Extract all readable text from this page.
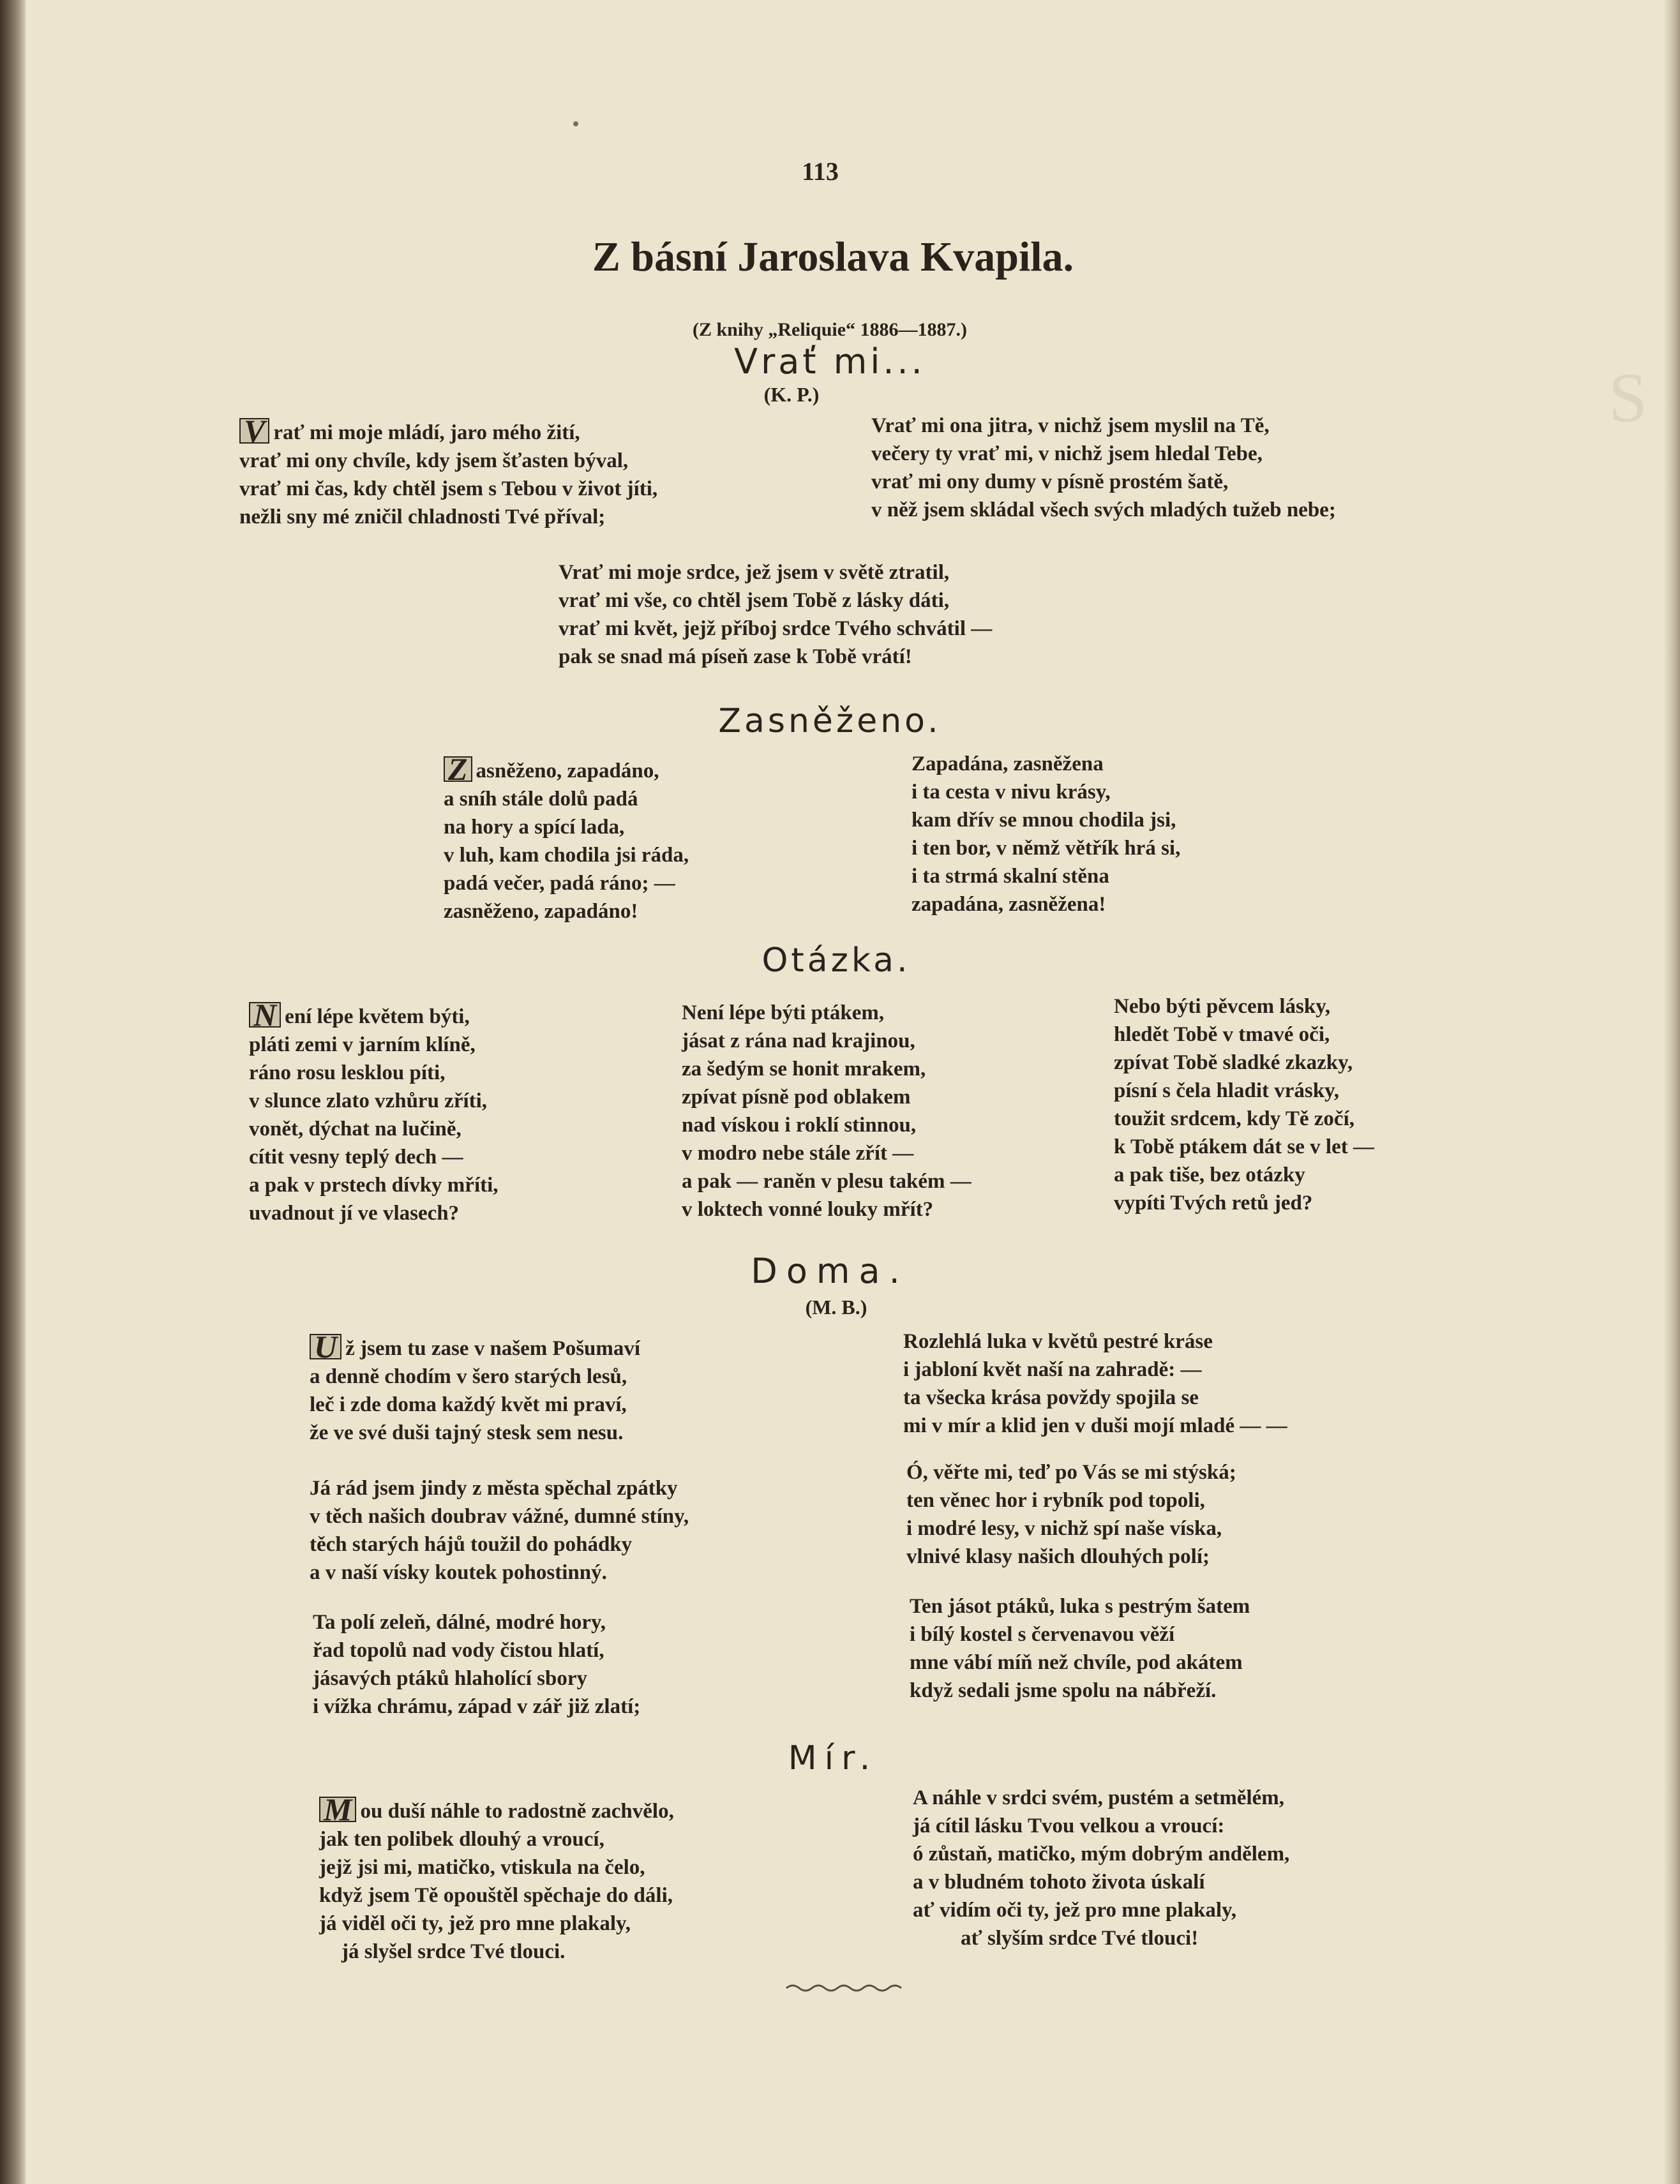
S
113
Z básní Jaroslava Kvapila.
(Z knihy „Reliquie“ 1886—1887.)
Vrať mi...
(K. P.)
V rať mi moje mládí, jaro mého žití,
vrať mi ony chvíle, kdy jsem šťasten býval,
vrať mi čas, kdy chtěl jsem s Tebou v život jíti,
nežli sny mé zničil chladnosti Tvé příval;
Vrať mi ona jitra, v nichž jsem myslil na Tě,
večery ty vrať mi, v nichž jsem hledal Tebe,
vrať mi ony dumy v písně prostém šatě,
v něž jsem skládal všech svých mladých tužeb nebe;
Vrať mi moje srdce, jež jsem v světě ztratil,
vrať mi vše, co chtěl jsem Tobě z lásky dáti,
vrať mi květ, jejž příboj srdce Tvého schvátil —
pak se snad má píseň zase k Tobě vrátí!
Zasněženo.
Z asněženo, zapadáno,
a sníh stále dolů padá
na hory a spící lada,
v luh, kam chodila jsi ráda,
padá večer, padá ráno; —
zasněženo, zapadáno!
Zapadána, zasněžena
i ta cesta v nivu krásy,
kam dřív se mnou chodila jsi,
i ten bor, v němž větřík hrá si,
i ta strmá skalní stěna
zapadána, zasněžena!
Otázka.
N ení lépe květem býti,
pláti zemi v jarním klíně,
ráno rosu lesklou píti,
v slunce zlato vzhůru zříti,
vonět, dýchat na lučině,
cítit vesny teplý dech —
a pak v prstech dívky mříti,
uvadnout jí ve vlasech?
Není lépe býti ptákem,
jásat z rána nad krajinou,
za šedým se honit mrakem,
zpívat písně pod oblakem
nad vískou i roklí stinnou,
v modro nebe stále zřít —
a pak — raněn v plesu takém —
v loktech vonné louky mřít?
Nebo býti pěvcem lásky,
hledět Tobě v tmavé oči,
zpívat Tobě sladké zkazky,
písní s čela hladit vrásky,
toužit srdcem, kdy Tě zočí,
k Tobě ptákem dát se v let —
a pak tiše, bez otázky
vypíti Tvých retů jed?
Doma.
(M. B.)
U ž jsem tu zase v našem Pošumaví
a denně chodím v šero starých lesů,
leč i zde doma každý květ mi praví,
že ve své duši tajný stesk sem nesu.
Já rád jsem jindy z města spěchal zpátky
v těch našich doubrav vážné, dumné stíny,
těch starých hájů toužil do pohádky
a v naší vísky koutek pohostinný.
Ta polí zeleň, dálné, modré hory,
řad topolů nad vody čistou hlatí,
jásavých ptáků hlaholící sbory
i vížka chrámu, západ v zář již zlatí;
Rozlehlá luka v květů pestré kráse
i jabloní květ naší na zahradě: —
ta všecka krása povždy spojila se
mi v mír a klid jen v duši mojí mladé — —
Ó, věřte mi, teď po Vás se mi stýská;
ten věnec hor i rybník pod topoli,
i modré lesy, v nichž spí naše víska,
vlnivé klasy našich dlouhých polí;
Ten jásot ptáků, luka s pestrým šatem
i bílý kostel s červenavou věží
mne vábí míň než chvíle, pod akátem
když sedali jsme spolu na nábřeží.
Mír.
M ou duší náhle to radostně zachvělo,
jak ten polibek dlouhý a vroucí,
jejž jsi mi, matičko, vtiskula na čelo,
když jsem Tě opouštěl spěchaje do dáli,
já viděl oči ty, jež pro mne plakaly,
já slyšel srdce Tvé tlouci.
A náhle v srdci svém, pustém a setmělém,
já cítil lásku Tvou velkou a vroucí:
ó zůstaň, matičko, mým dobrým andělem,
a v bludném tohoto života úskalí
ať vidím oči ty, jež pro mne plakaly,
ať slyším srdce Tvé tlouci!
